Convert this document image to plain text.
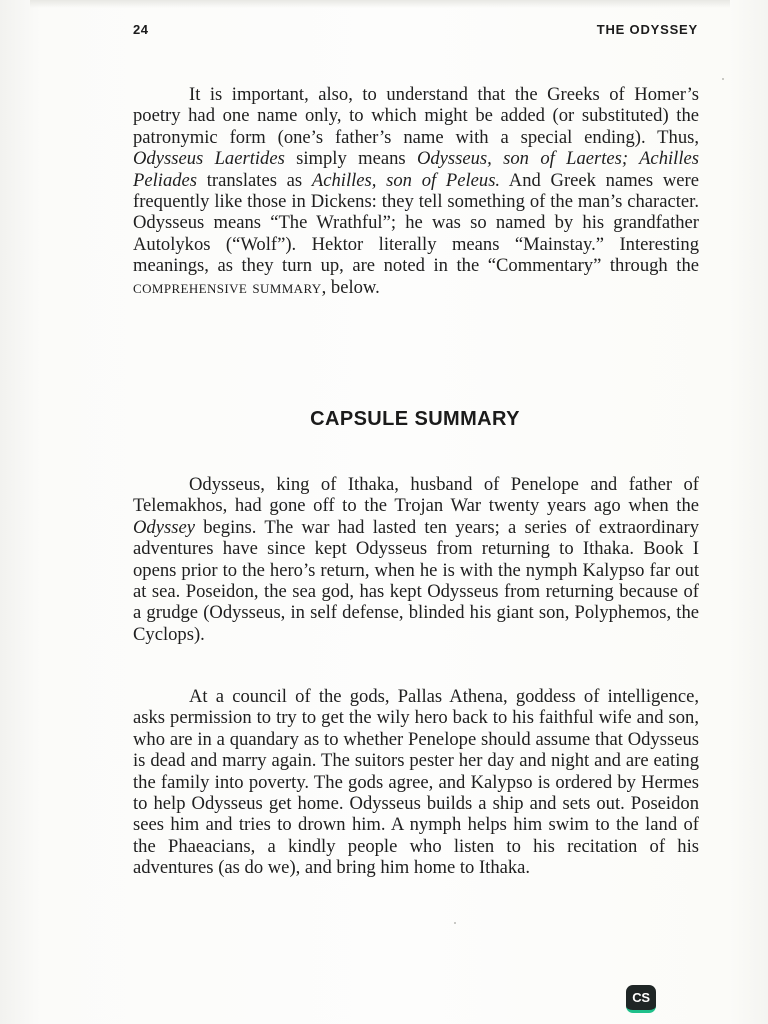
24	THE ODYSSEY

It is important, also, to understand that the Greeks of Homer’s poetry had one name only, to which might be added (or substituted) the patronymic form (one’s father’s name with a special ending). Thus, Odysseus Laertides simply means Odysseus, son of Laertes; Achilles Peliades translates as Achilles, son of Peleus. And Greek names were frequently like those in Dickens: they tell something of the man’s character. Odysseus means “The Wrathful”; he was so named by his grandfather Autolykos (“Wolf”). Hektor literally means “Mainstay.” Interesting meanings, as they turn up, are noted in the “Commentary” through the comprehensive summary, below.

CAPSULE SUMMARY

Odysseus, king of Ithaka, husband of Penelope and father of Telemakhos, had gone off to the Trojan War twenty years ago when the Odyssey begins. The war had lasted ten years; a series of extraordinary adventures have since kept Odysseus from returning to Ithaka. Book I opens prior to the hero’s return, when he is with the nymph Kalypso far out at sea. Poseidon, the sea god, has kept Odysseus from returning because of a grudge (Odysseus, in self defense, blinded his giant son, Polyphemos, the Cyclops).

At a council of the gods, Pallas Athena, goddess of intelligence, asks permission to try to get the wily hero back to his faithful wife and son, who are in a quandary as to whether Penelope should assume that Odysseus is dead and marry again. The suitors pester her day and night and are eating the family into poverty. The gods agree, and Kalypso is ordered by Hermes to help Odysseus get home. Odysseus builds a ship and sets out. Poseidon sees him and tries to drown him. A nymph helps him swim to the land of the Phaeacians, a kindly people who listen to his recitation of his adventures (as do we), and bring him home to Ithaka.

CS
